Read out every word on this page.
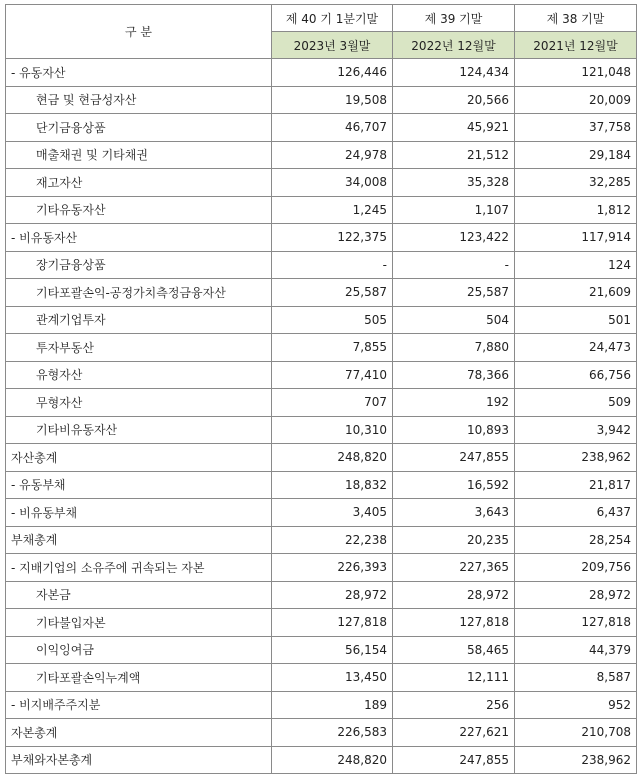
구 분	제 40 기 1분기말	제 39 기말	제 38 기말
	2023년 3월말	2022년 12월말	2021년 12월말
- 유동자산	126,446	124,434	121,048
현금 및 현금성자산	19,508	20,566	20,009
단기금융상품	46,707	45,921	37,758
매출채권 및 기타채권	24,978	21,512	29,184
재고자산	34,008	35,328	32,285
기타유동자산	1,245	1,107	1,812
- 비유동자산	122,375	123,422	117,914
장기금융상품	-	-	124
기타포괄손익-공정가치측정금융자산	25,587	25,587	21,609
관계기업투자	505	504	501
투자부동산	7,855	7,880	24,473
유형자산	77,410	78,366	66,756
무형자산	707	192	509
기타비유동자산	10,310	10,893	3,942
자산총계	248,820	247,855	238,962
- 유동부채	18,832	16,592	21,817
- 비유동부채	3,405	3,643	6,437
부채총계	22,238	20,235	28,254
- 지배기업의 소유주에 귀속되는 자본	226,393	227,365	209,756
자본금	28,972	28,972	28,972
기타불입자본	127,818	127,818	127,818
이익잉여금	56,154	58,465	44,379
기타포괄손익누계액	13,450	12,111	8,587
- 비지배주주지분	189	256	952
자본총계	226,583	227,621	210,708
부채와자본총계	248,820	247,855	238,962
